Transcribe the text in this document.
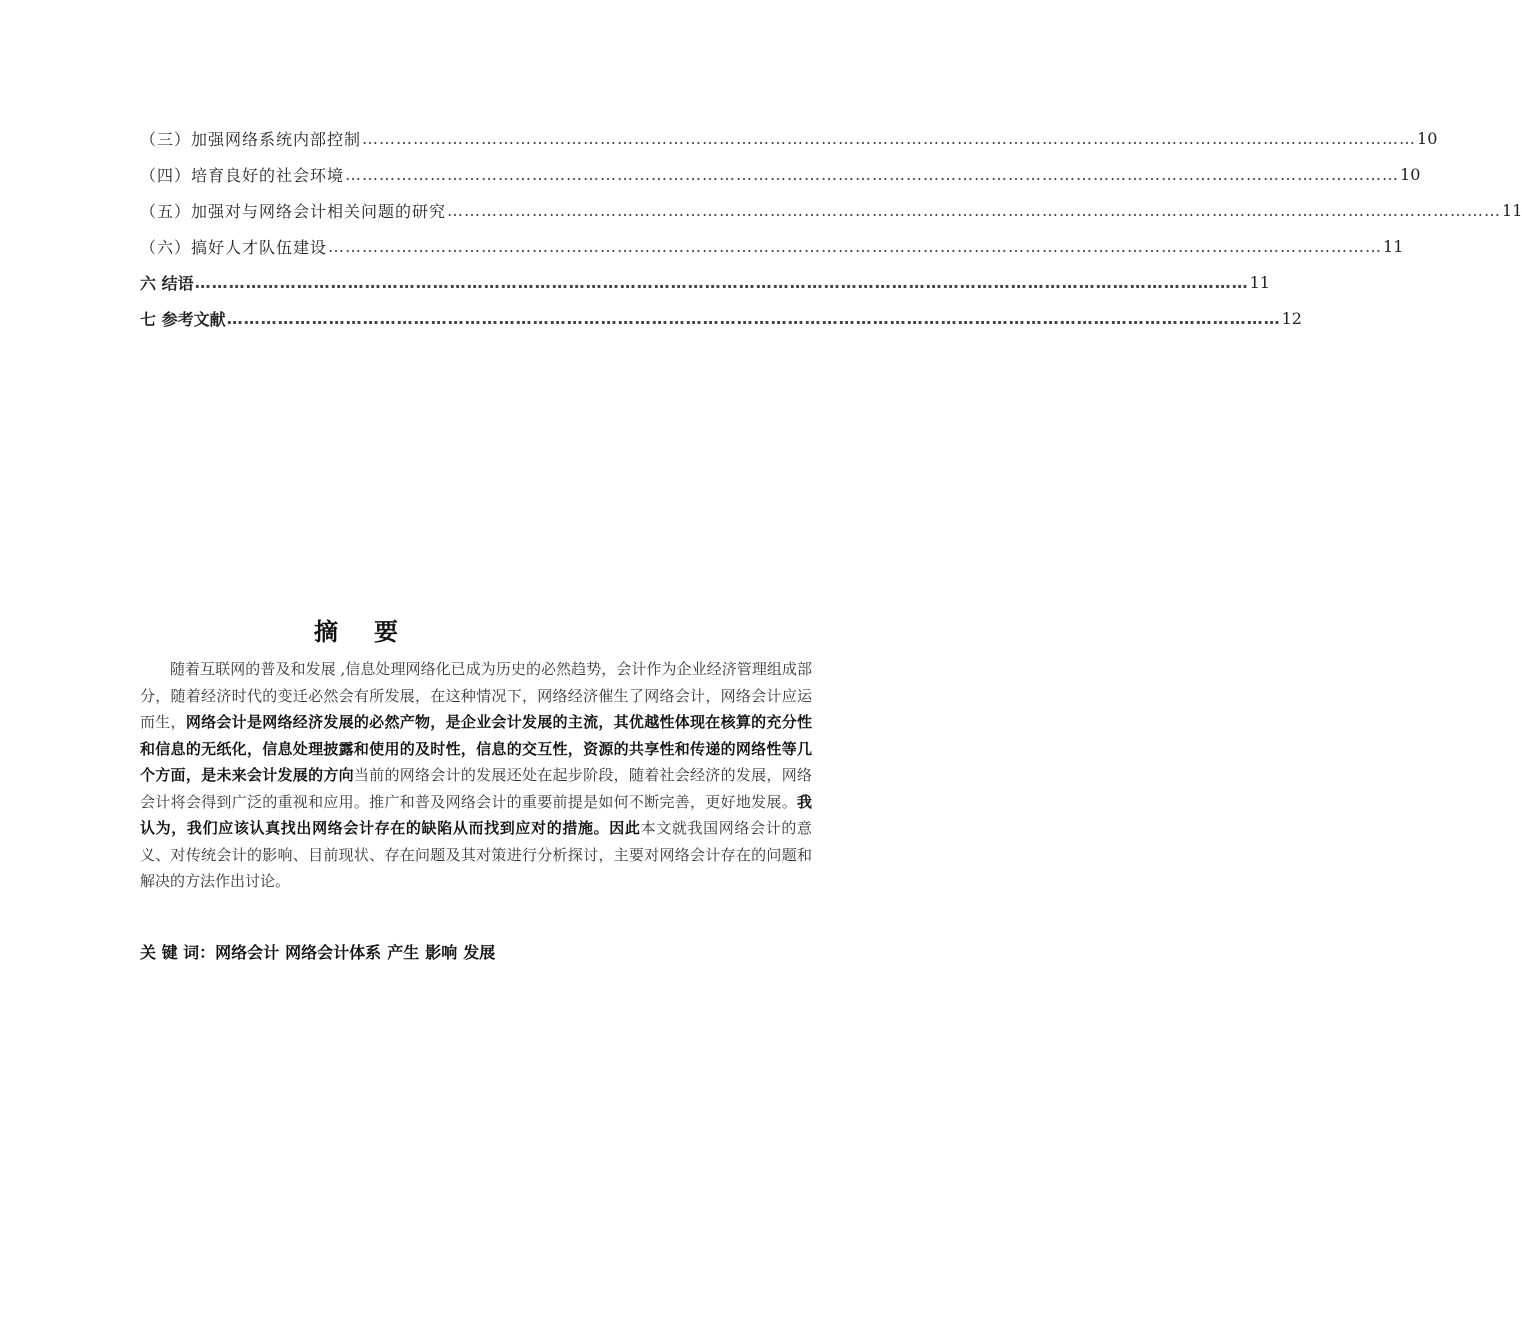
（三）加强网络系统内部控制 …………………………………………………………………………………………………………………………………………………………………… 10
（四）培育良好的社会环境 …………………………………………………………………………………………………………………………………………………………………… 10
（五）加强对与网络会计相关问题的研究 …………………………………………………………………………………………………………………………………………………………………… 11
（六）搞好人才队伍建设 …………………………………………………………………………………………………………………………………………………………………… 11
六 结语 …………………………………………………………………………………………………………………………………………………………………… 11
七 参考文献 …………………………………………………………………………………………………………………………………………………………………… 12
摘要
随着互联网的普及和发展 ,信息处理网络化已成为历史的必然趋势，会计作为企业经济管理组成部分，随着经济时代的变迁必然会有所发展，在这种情况下，网络经济催生了网络会计，网络会计应运而生，网络会计是网络经济发展的必然产物，是企业会计发展的主流，其优越性体现在核算的充分性和信息的无纸化，信息处理披露和使用的及时性，信息的交互性，资源的共享性和传递的网络性等几个方面，是未来会计发展的方向当前的网络会计的发展还处在起步阶段，随着社会经济的发展，网络会计将会得到广泛的重视和应用。推广和普及网络会计的重要前提是如何不断完善，更好地发展。我认为，我们应该认真找出网络会计存在的缺陷从而找到应对的措施。因此本文就我国网络会计的意义、对传统会计的影响、目前现状、存在问题及其对策进行分析探讨，主要对网络会计存在的问题和解决的方法作出讨论。
关 键 词：网络会计 网络会计体系 产生 影响 发展
